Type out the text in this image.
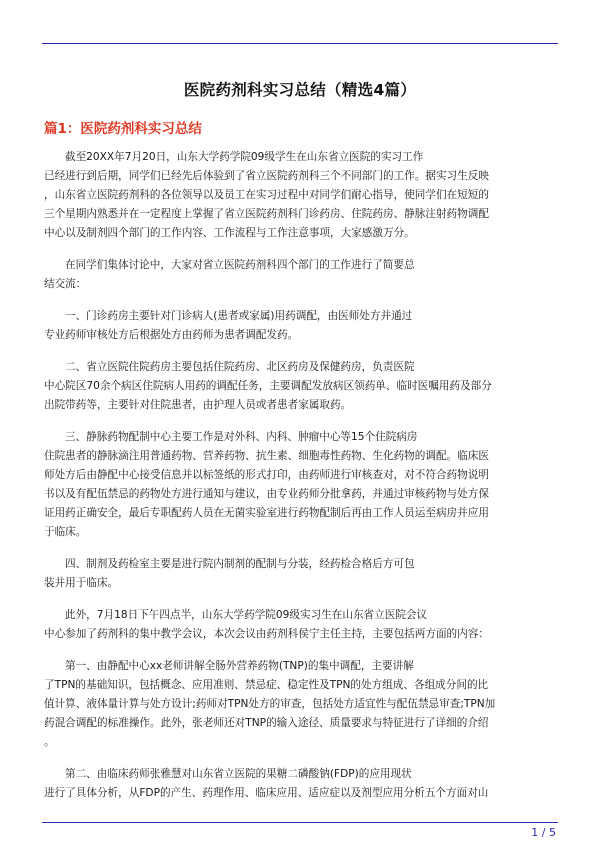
医院药剂科实习总结（精选4篇）
篇1：医院药剂科实习总结
截至20XX年7月20日，山东大学药学院09级学生在山东省立医院的实习工作
已经进行到后期，同学们已经先后体验到了省立医院药剂科三个不同部门的工作。据实习生反映
，山东省立医院药剂科的各位领导以及员工在实习过程中对同学们耐心指导，使同学们在短短的
三个星期内熟悉并在一定程度上掌握了省立医院药剂科门诊药房、住院药房、静脉注射药物调配
中心以及制剂四个部门的工作内容、工作流程与工作注意事项，大家感激万分。
在同学们集体讨论中，大家对省立医院药剂科四个部门的工作进行了简要总
结交流：
一、门诊药房主要针对门诊病人(患者或家属)用药调配，由医师处方并通过
专业药师审核处方后根据处方由药师为患者调配发药。
二、省立医院住院药房主要包括住院药房、北区药房及保健药房，负责医院
中心院区70余个病区住院病人用药的调配任务，主要调配发放病区领药单、临时医嘱用药及部分
出院带药等，主要针对住院患者，由护理人员或者患者家属取药。
三、静脉药物配制中心主要工作是对外科、内科、肿瘤中心等15个住院病房
住院患者的静脉滴注用普通药物、营养药物、抗生素、细胞毒性药物、生化药物的调配。临床医
师处方后由静配中心接受信息并以标签纸的形式打印，由药师进行审核查对，对不符合药物说明
书以及有配伍禁忌的药物处方进行通知与建议，由专业药师分批拿药，并通过审核药物与处方保
证用药正确安全，最后专职配药人员在无菌实验室进行药物配制后再由工作人员运至病房并应用
于临床。
四、制剂及药检室主要是进行院内制剂的配制与分装，经药检合格后方可包
装并用于临床。
此外，7月18日下午四点半，山东大学药学院09级实习生在山东省立医院会议
中心参加了药剂科的集中教学会议，本次会议由药剂科侯宁主任主持，主要包括两方面的内容：
第一、由静配中心xx老师讲解全肠外营养药物(TNP)的集中调配，主要讲解
了TPN的基础知识，包括概念、应用准则、禁忌症、稳定性及TPN的处方组成、各组成分间的比
值计算、液体量计算与处方设计;药师对TPN处方的审查，包括处方适宜性与配伍禁忌审查;TPN加
药混合调配的标准操作。此外，张老师还对TNP的输入途径、质量要求与特征进行了详细的介绍
。
第二、由临床药师张雅慧对山东省立医院的果糖二磷酸钠(FDP)的应用现状
进行了具体分析，从FDP的产生、药理作用、临床应用、适应症以及剂型应用分析五个方面对山
1 / 5
